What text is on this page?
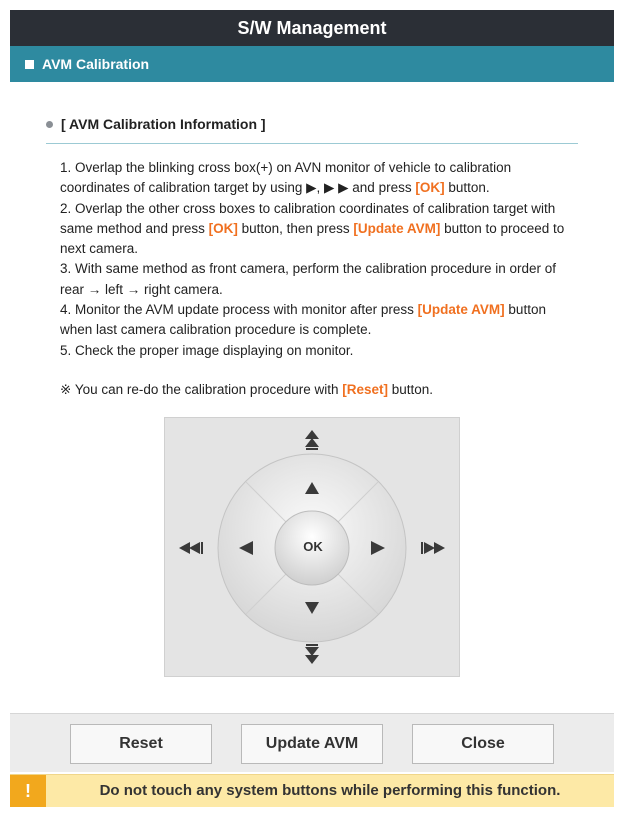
S/W Management
AVM Calibration
[ AVM Calibration Information ]

1. Overlap the blinking cross box(+) on AVN monitor of vehicle to calibration coordinates of calibration target by using ▶, ▶ ▶ and press [OK] button.

2. Overlap the other cross boxes to calibration coordinates of calibration target with same method and press [OK] button, then press [Update AVM] button to proceed to next camera.

3. With same method as front camera, perform the calibration procedure in order of rear → left → right camera.

4. Monitor the AVM update process with monitor after press [Update AVM] button when last camera calibration procedure is complete.

5. Check the proper image displaying on monitor.

※ You can re-do the calibration procedure with [Reset] button.
OK
Reset	Update AVM	Close
!	Do not touch any system buttons while performing this function.
